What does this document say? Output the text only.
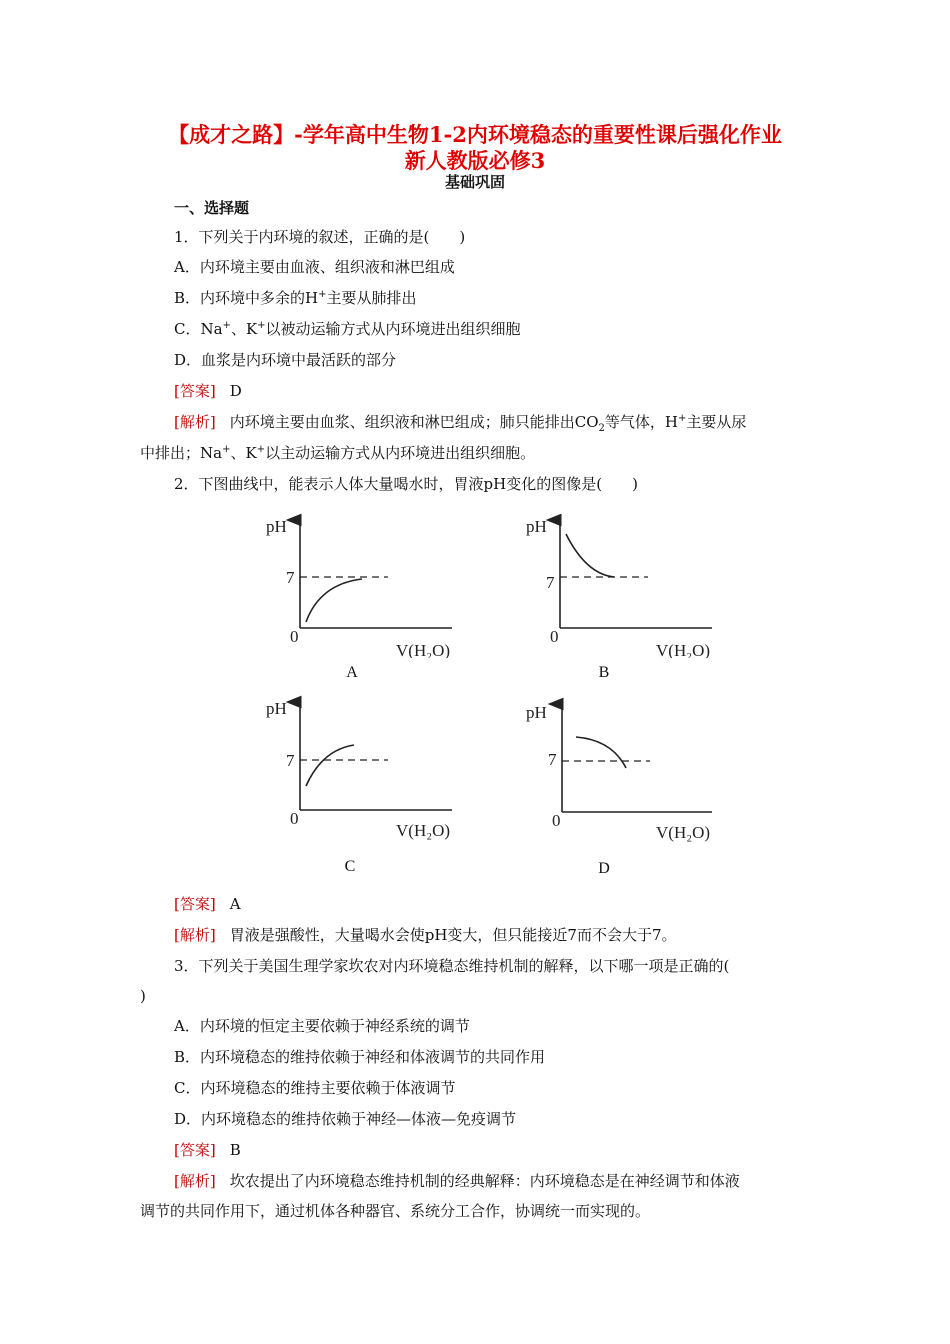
【成才之路】-学年高中生物1-2内环境稳态的重要性课后强化作业
新人教版必修3
基础巩固
一、选择题
1．下列关于内环境的叙述，正确的是(　　)
A．内环境主要由血液、组织液和淋巴组成
B．内环境中多余的H+主要从肺排出
C．Na+、K+以被动运输方式从内环境进出组织细胞
D．血浆是内环境中最活跃的部分
[答案] D
[解析] 内环境主要由血浆、组织液和淋巴组成；肺只能排出$CO_2$等气体，H+主要从尿
中排出；Na+、K+以主动运输方式从内环境进出组织细胞。
2．下图曲线中，能表示人体大量喝水时，胃液pH变化的图像是(　　)
pH
7
0
V(H₂O)
A
pH
7
0
V(H₂O)
B
pH
7
0
V(H₂O)
C
pH
7
0
V(H₂O)
D
[答案] A
[解析] 胃液是强酸性，大量喝水会使pH变大，但只能接近7而不会大于7。
3．下列关于美国生理学家坎农对内环境稳态维持机制的解释，以下哪一项是正确的(
)
A．内环境的恒定主要依赖于神经系统的调节
B．内环境稳态的维持依赖于神经和体液调节的共同作用
C．内环境稳态的维持主要依赖于体液调节
D．内环境稳态的维持依赖于神经—体液—免疫调节
[答案] B
[解析] 坎农提出了内环境稳态维持机制的经典解释：内环境稳态是在神经调节和体液
调节的共同作用下，通过机体各种器官、系统分工合作，协调统一而实现的。
